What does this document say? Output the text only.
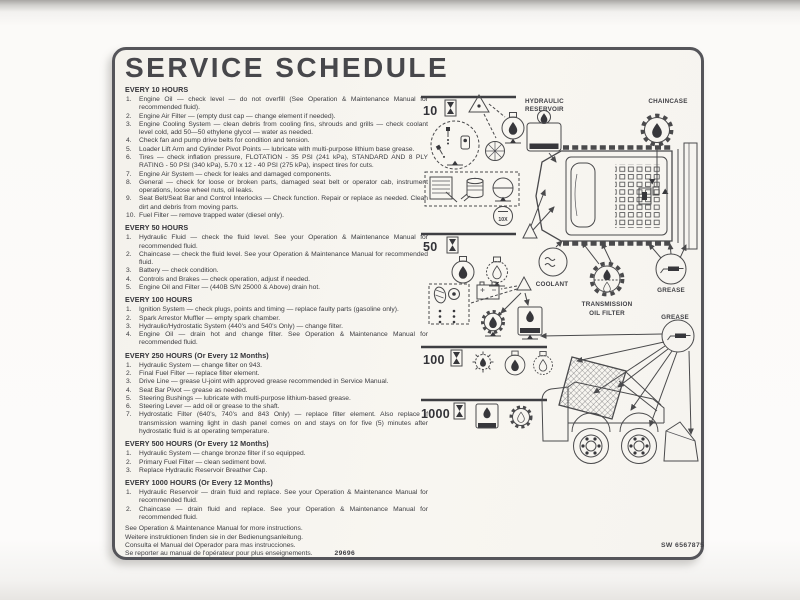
SERVICE SCHEDULE
EVERY 10 HOURS
1.	Engine Oil — check level — do not overfill (See Operation & Maintenance Manual for recommended fluid).
2.	Engine Air Filter — (empty dust cap — change element if needed).
3.	Engine Cooling System — clean debris from cooling fins, shrouds and grills — check coolant level cold, add 50—50 ethylene glycol — water as needed.
4.	Check fan and pump drive belts for condition and tension.
5.	Loader Lift Arm and Cylinder Pivot Points — lubricate with multi-purpose lithium base grease.
6.	Tires — check inflation pressure, FLOTATION - 35 PSI (241 kPa), STANDARD AND 8 PLY RATING - 50 PSI (340 kPa), 5.70 x 12 - 40 PSI (275 kPa), inspect tires for cuts.
7.	Engine Air System — check for leaks and damaged components.
8.	General — check for loose or broken parts, damaged seat belt or operator cab, instrument operations, loose wheel nuts, oil leaks.
9.	Seat Belt/Seat Bar and Control Interlocks — Check function. Repair or replace as needed. Clean dirt and debris from moving parts.
10. Fuel Filter — remove trapped water (diesel only).
EVERY 50 HOURS
1.	Hydraulic Fluid — check the fluid level. See your Operation & Maintenance Manual for recommended fluid.
2.	Chaincase — check the fluid level. See your Operation & Maintenance Manual for recommended fluid.
3.	Battery — check condition.
4.	Controls and Brakes — check operation, adjust if needed.
5.	Engine Oil and Filter — (440B S/N 25000 & Above) drain hot.
EVERY 100 HOURS
1.	Ignition System — check plugs, points and timing — replace faulty parts (gasoline only).
2.	Spark Arrestor Muffler — empty spark chamber.
3.	Hydraulic/Hydrostatic System (440's and 540's Only) — change filter.
4.	Engine Oil — drain hot and change filter. See Operation & Maintenance Manual for recommended fluid.
EVERY 250 HOURS (Or Every 12 Months)
1.	Hydraulic System — change filter on 943.
2.	Final Fuel Filter — replace filter element.
3.	Drive Line — grease U-joint with approved grease recommended in Service Manual.
4.	Seat Bar Pivot — grease as needed.
5.	Steering Bushings — lubricate with multi-purpose lithium-based grease.
6.	Steering Lever — add oil or grease to the shaft.
7.	Hydrostatic Filter (640's, 740's and 843 Only) — replace filter element. Also replace if transmission warning light in dash panel comes on and stays on for five (5) minutes after hydrostatic fluid is at operating temperature.
EVERY 500 HOURS (Or Every 12 Months)
1.	Hydraulic System — change bronze filter if so equipped.
2.	Primary Fuel Filter — clean sediment bowl.
3.	Replace Hydraulic Reservoir Breather Cap.
EVERY 1000 HOURS (Or Every 12 Months)
1.	Hydraulic Reservoir — drain fluid and replace. See your Operation & Maintenance Manual for recommended fluid.
2.	Chaincase — drain fluid and replace. See your Operation & Maintenance Manual for recommended fluid.
See Operation & Maintenance Manual for more instructions.
Weitere instruktionen finden sie in der Bedienungsanleitung.
Consulta el Manual del Operador para mas instrucciones.
Se reporter au manual de l'opérateur pour plus enseignements.	29696
10
10X
HYDRAULIC
RESERVOIR
CHAINCASE
COOLANT
TRANSMISSION
OIL FILTER
GREASE
50
100
1000
GREASE
SW 6567875
